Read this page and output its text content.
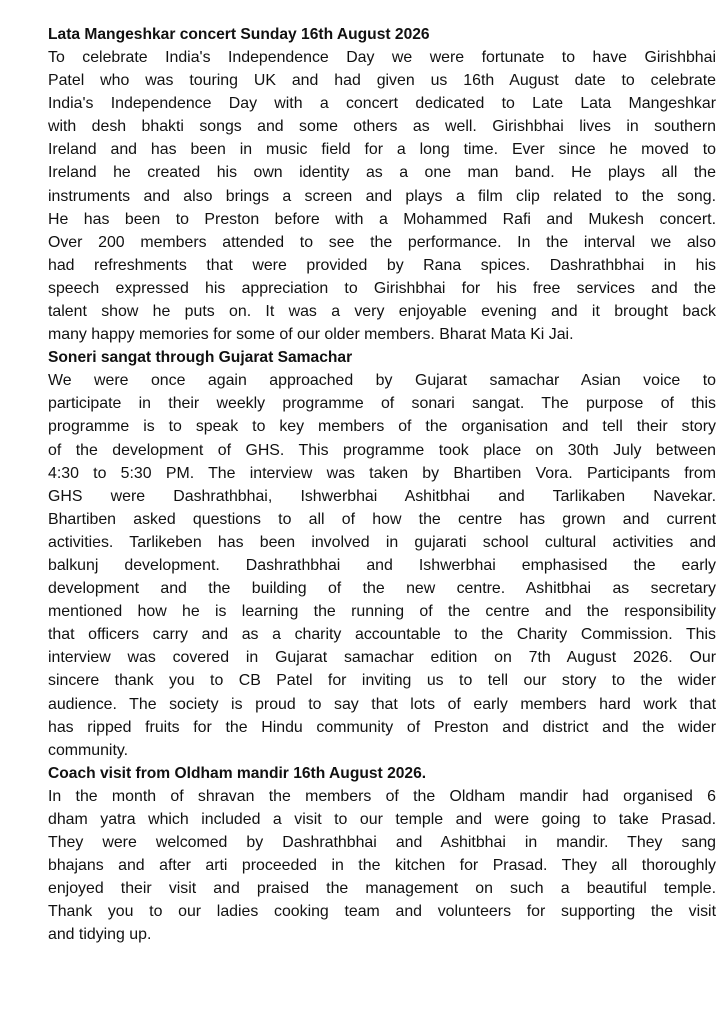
Lata Mangeshkar concert Sunday 16th August 2026
To celebrate India's Independence Day we were fortunate to have Girishbhai
Patel who was touring UK and had given us 16th August date to celebrate
India's Independence Day with a concert dedicated to Late Lata Mangeshkar
with desh bhakti songs and some others as well. Girishbhai lives in southern
Ireland and has been in music field for a long time. Ever since he moved to
Ireland he created his own identity as a one man band. He plays all the
instruments and also brings a screen and plays a film clip related to the song.
He has been to Preston before with a Mohammed Rafi and Mukesh concert.
Over 200 members attended to see the performance. In the interval we also
had refreshments that were provided by Rana spices. Dashrathbhai in his
speech expressed his appreciation to Girishbhai for his free services and the
talent show he puts on. It was a very enjoyable evening and it brought back
many happy memories for some of our older members. Bharat Mata Ki Jai.
Soneri sangat through Gujarat Samachar
We were once again approached by Gujarat samachar Asian voice to
participate in their weekly programme of sonari sangat. The purpose of this
programme is to speak to key members of the organisation and tell their story
of the development of GHS. This programme took place on 30th July between
4:30 to 5:30 PM. The interview was taken by Bhartiben Vora. Participants from
GHS were Dashrathbhai, Ishwerbhai Ashitbhai and Tarlikaben Navekar.
Bhartiben asked questions to all of how the centre has grown and current
activities. Tarlikeben has been involved in gujarati school cultural activities and
balkunj development. Dashrathbhai and Ishwerbhai emphasised the early
development and the building of the new centre. Ashitbhai as secretary
mentioned how he is learning the running of the centre and the responsibility
that officers carry and as a charity accountable to the Charity Commission. This
interview was covered in Gujarat samachar edition on 7th August 2026. Our
sincere thank you to CB Patel for inviting us to tell our story to the wider
audience. The society is proud to say that lots of early members hard work that
has ripped fruits for the Hindu community of Preston and district and the wider
community.
Coach visit from Oldham mandir 16th August 2026.
In the month of shravan the members of the Oldham mandir had organised 6
dham yatra which included a visit to our temple and were going to take Prasad.
They were welcomed by Dashrathbhai and Ashitbhai in mandir. They sang
bhajans and after arti proceeded in the kitchen for Prasad. They all thoroughly
enjoyed their visit and praised the management on such a beautiful temple.
Thank you to our ladies cooking team and volunteers for supporting the visit
and tidying up.
